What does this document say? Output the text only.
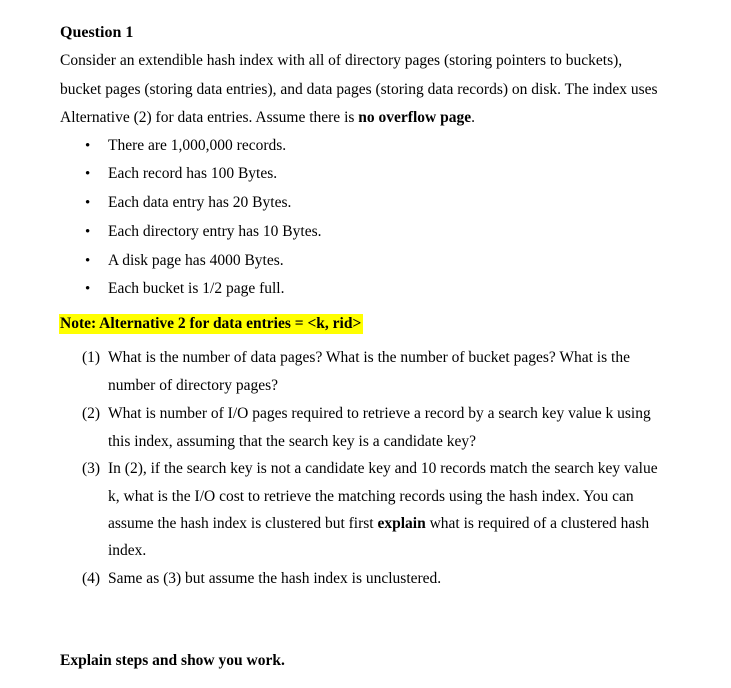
Question 1
Consider an extendible hash index with all of directory pages (storing pointers to buckets),
bucket pages (storing data entries), and data pages (storing data records) on disk. The index uses
Alternative (2) for data entries. Assume there is no overflow page.
• There are 1,000,000 records.
• Each record has 100 Bytes.
• Each data entry has 20 Bytes.
• Each directory entry has 10 Bytes.
• A disk page has 4000 Bytes.
• Each bucket is 1/2 page full.
Note: Alternative 2 for data entries = <k, rid>
(1) What is the number of data pages? What is the number of bucket pages? What is the
number of directory pages?
(2) What is number of I/O pages required to retrieve a record by a search key value k using
this index, assuming that the search key is a candidate key?
(3) In (2), if the search key is not a candidate key and 10 records match the search key value
k, what is the I/O cost to retrieve the matching records using the hash index. You can
assume the hash index is clustered but first explain what is required of a clustered hash
index.
(4) Same as (3) but assume the hash index is unclustered.
Explain steps and show you work.
